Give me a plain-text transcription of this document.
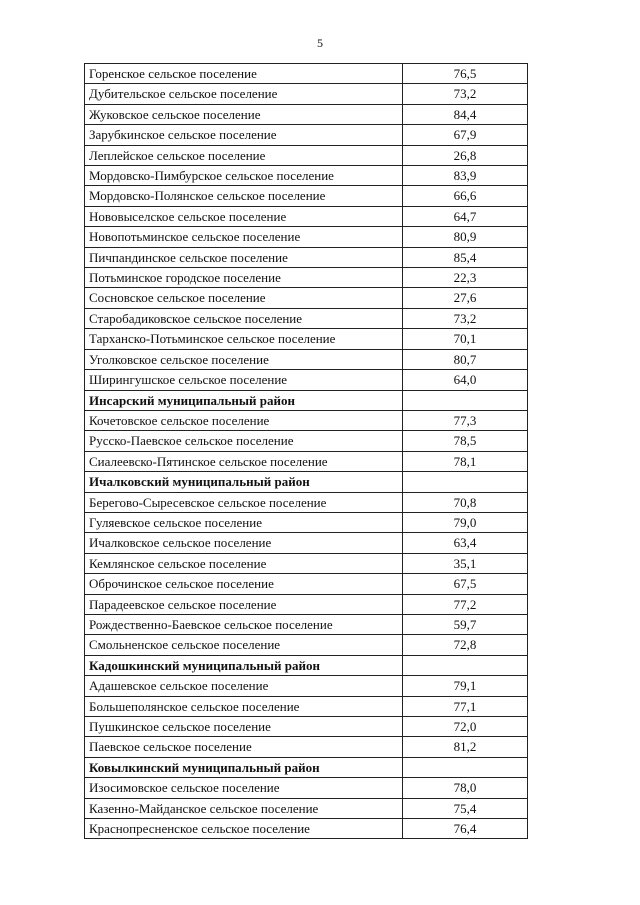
5
Горенское сельское поселение	76,5
Дубительское сельское поселение	73,2
Жуковское сельское поселение	84,4
Зарубкинское сельское поселение	67,9
Леплейское сельское поселение	26,8
Мордовско-Пимбурское сельское поселение	83,9
Мордовско-Полянское сельское поселение	66,6
Нововыселское сельское поселение	64,7
Новопотьминское сельское поселение	80,9
Пичпандинское сельское поселение	85,4
Потьминское городское поселение	22,3
Сосновское сельское поселение	27,6
Старобадиковское сельское поселение	73,2
Тарханско-Потьминское сельское поселение	70,1
Уголковское сельское поселение	80,7
Ширингушское сельское поселение	64,0
Инсарский муниципальный район
Кочетовское сельское поселение	77,3
Русско-Паевское сельское поселение	78,5
Сиалеевско-Пятинское сельское поселение	78,1
Ичалковский муниципальный район
Берегово-Сыресевское сельское поселение	70,8
Гуляевское сельское поселение	79,0
Ичалковское сельское поселение	63,4
Кемлянское сельское поселение	35,1
Оброчинское сельское поселение	67,5
Парадеевское сельское поселение	77,2
Рождественно-Баевское сельское поселение	59,7
Смольненское сельское поселение	72,8
Кадошкинский муниципальный район
Адашевское сельское поселение	79,1
Большеполянское сельское поселение	77,1
Пушкинское сельское поселение	72,0
Паевское сельское поселение	81,2
Ковылкинский муниципальный район
Изосимовское сельское поселение	78,0
Казенно-Майданское сельское поселение	75,4
Краснопресненское сельское поселение	76,4
